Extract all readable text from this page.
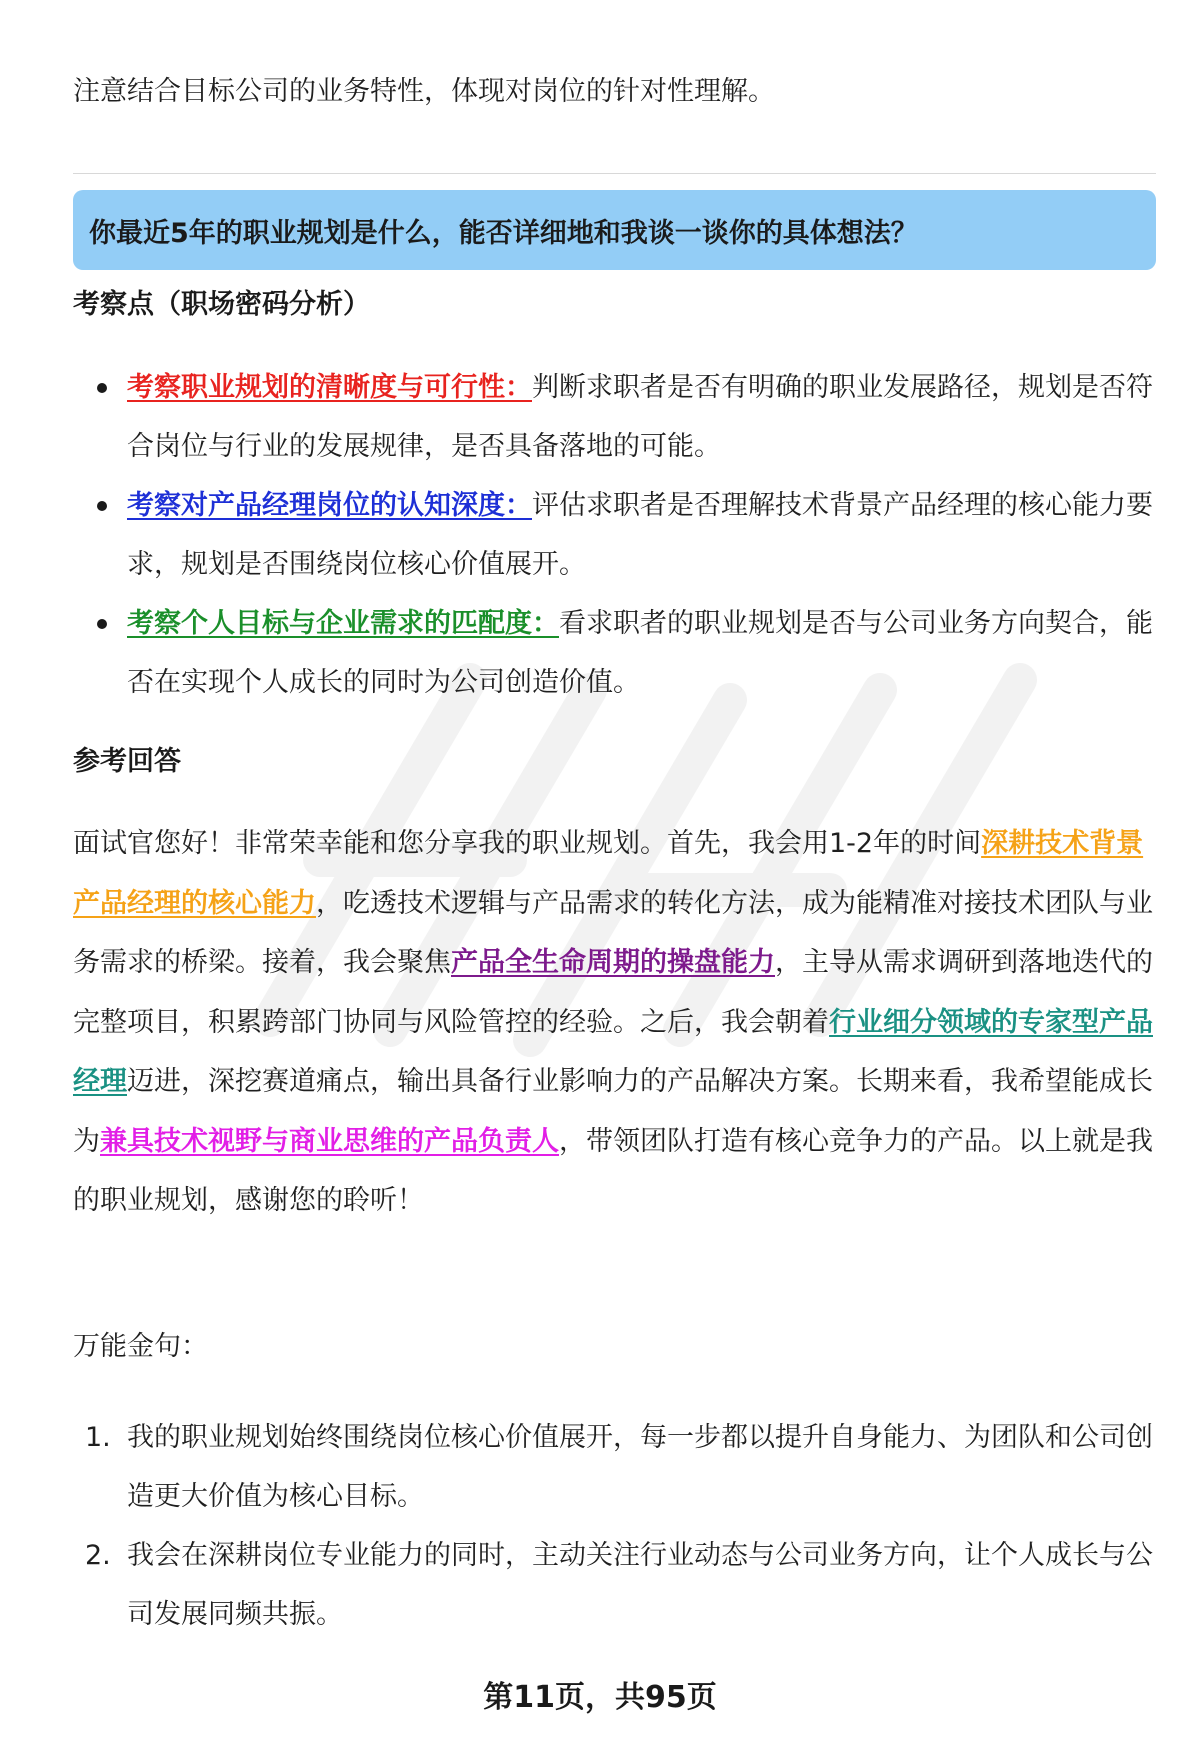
注意结合目标公司的业务特性，体现对岗位的针对性理解。
你最近5年的职业规划是什么，能否详细地和我谈一谈你的具体想法？
考察点（职场密码分析）
考察职业规划的清晰度与可行性：判断求职者是否有明确的职业发展路径，规划是否符合岗位与行业的发展规律，是否具备落地的可能。
考察对产品经理岗位的认知深度：评估求职者是否理解技术背景产品经理的核心能力要求，规划是否围绕岗位核心价值展开。
考察个人目标与企业需求的匹配度：看求职者的职业规划是否与公司业务方向契合，能否在实现个人成长的同时为公司创造价值。
参考回答
面试官您好！非常荣幸能和您分享我的职业规划。首先，我会用1-2年的时间深耕技术背景产品经理的核心能力，吃透技术逻辑与产品需求的转化方法，成为能精准对接技术团队与业务需求的桥梁。接着，我会聚焦产品全生命周期的操盘能力，主导从需求调研到落地迭代的完整项目，积累跨部门协同与风险管控的经验。之后，我会朝着行业细分领域的专家型产品经理迈进，深挖赛道痛点，输出具备行业影响力的产品解决方案。长期来看，我希望能成长为兼具技术视野与商业思维的产品负责人，带领团队打造有核心竞争力的产品。以上就是我的职业规划，感谢您的聆听！
万能金句：
1. 我的职业规划始终围绕岗位核心价值展开，每一步都以提升自身能力、为团队和公司创造更大价值为核心目标。
2. 我会在深耕岗位专业能力的同时，主动关注行业动态与公司业务方向，让个人成长与公司发展同频共振。
第11页，共95页
